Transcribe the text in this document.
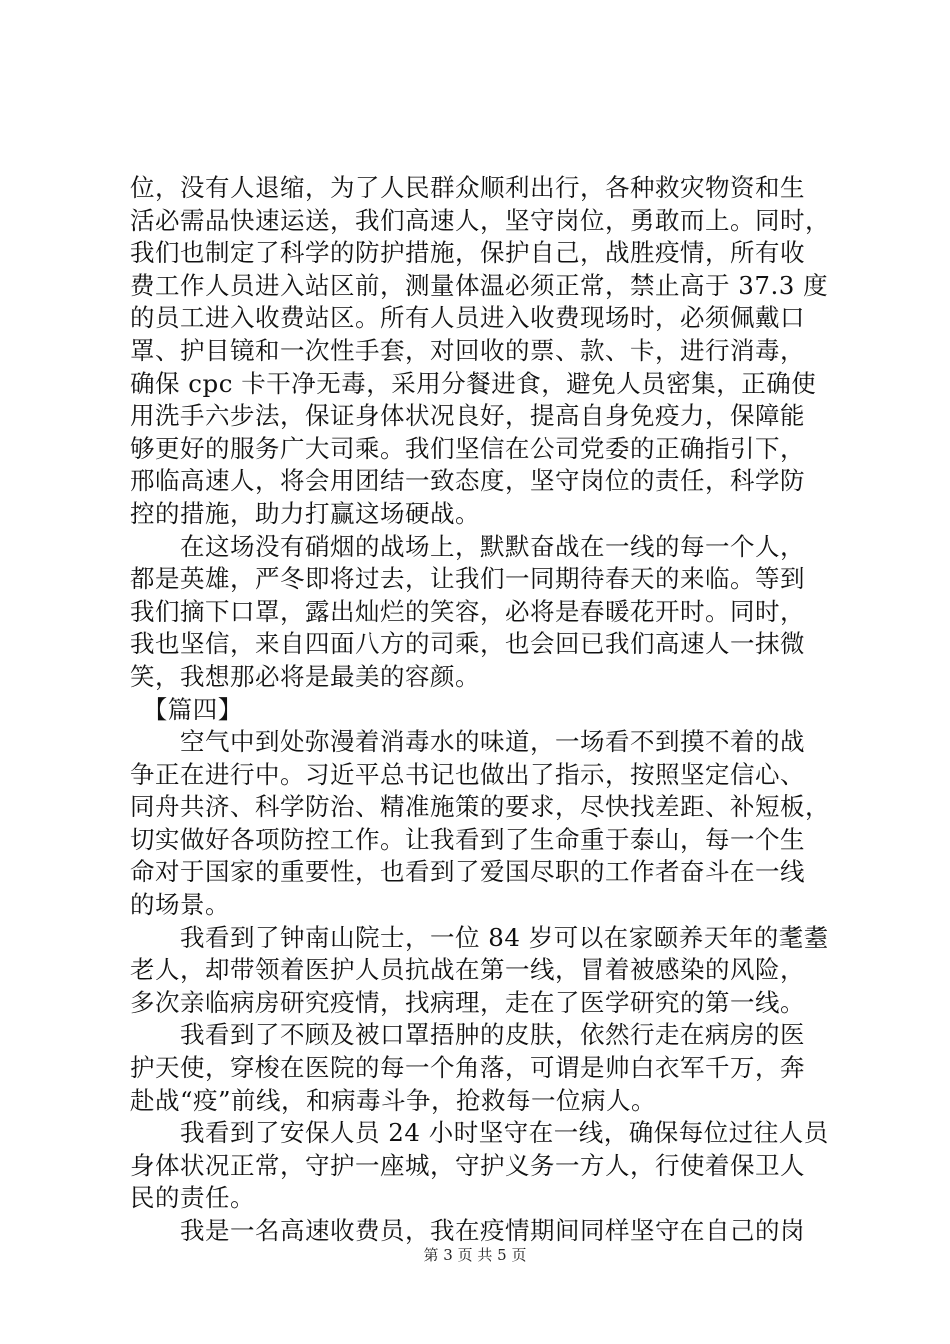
位，没有人退缩，为了人民群众顺利出行，各种救灾物资和生

活必需品快速运送，我们高速人，坚守岗位，勇敢而上。同时，

我们也制定了科学的防护措施，保护自己，战胜疫情，所有收

费工作人员进入站区前，测量体温必须正常，禁止高于 37.3 度

的员工进入收费站区。所有人员进入收费现场时，必须佩戴口

罩、护目镜和一次性手套，对回收的票、款、卡，进行消毒，

确保 cpc 卡干净无毒，采用分餐进食，避免人员密集，正确使

用洗手六步法，保证身体状况良好，提高自身免疫力，保障能

够更好的服务广大司乘。我们坚信在公司党委的正确指引下，

邢临高速人，将会用团结一致态度，坚守岗位的责任，科学防

控的措施，助力打赢这场硬战。

　　在这场没有硝烟的战场上，默默奋战在一线的每一个人，

都是英雄，严冬即将过去，让我们一同期待春天的来临。等到

我们摘下口罩，露出灿烂的笑容，必将是春暖花开时。同时，

我也坚信，来自四面八方的司乘，也会回已我们高速人一抹微

笑，我想那必将是最美的容颜。

　【篇四】

　　空气中到处弥漫着消毒水的味道，一场看不到摸不着的战

争正在进行中。习近平总书记也做出了指示，按照坚定信心、

同舟共济、科学防治、精准施策的要求，尽快找差距、补短板，

切实做好各项防控工作。让我看到了生命重于泰山，每一个生

命对于国家的重要性，也看到了爱国尽职的工作者奋斗在一线

的场景。

　　我看到了钟南山院士，一位 84 岁可以在家颐养天年的耄耋

老人，却带领着医护人员抗战在第一线，冒着被感染的风险，

多次亲临病房研究疫情，找病理，走在了医学研究的第一线。

　　我看到了不顾及被口罩捂肿的皮肤，依然行走在病房的医

护天使，穿梭在医院的每一个角落，可谓是帅白衣军千万，奔

赴战“疫”前线，和病毒斗争，抢救每一位病人。

　　我看到了安保人员 24 小时坚守在一线，确保每位过往人员

身体状况正常，守护一座城，守护义务一方人，行使着保卫人

民的责任。

　　我是一名高速收费员，我在疫情期间同样坚守在自己的岗

第 3 页 共 5 页
